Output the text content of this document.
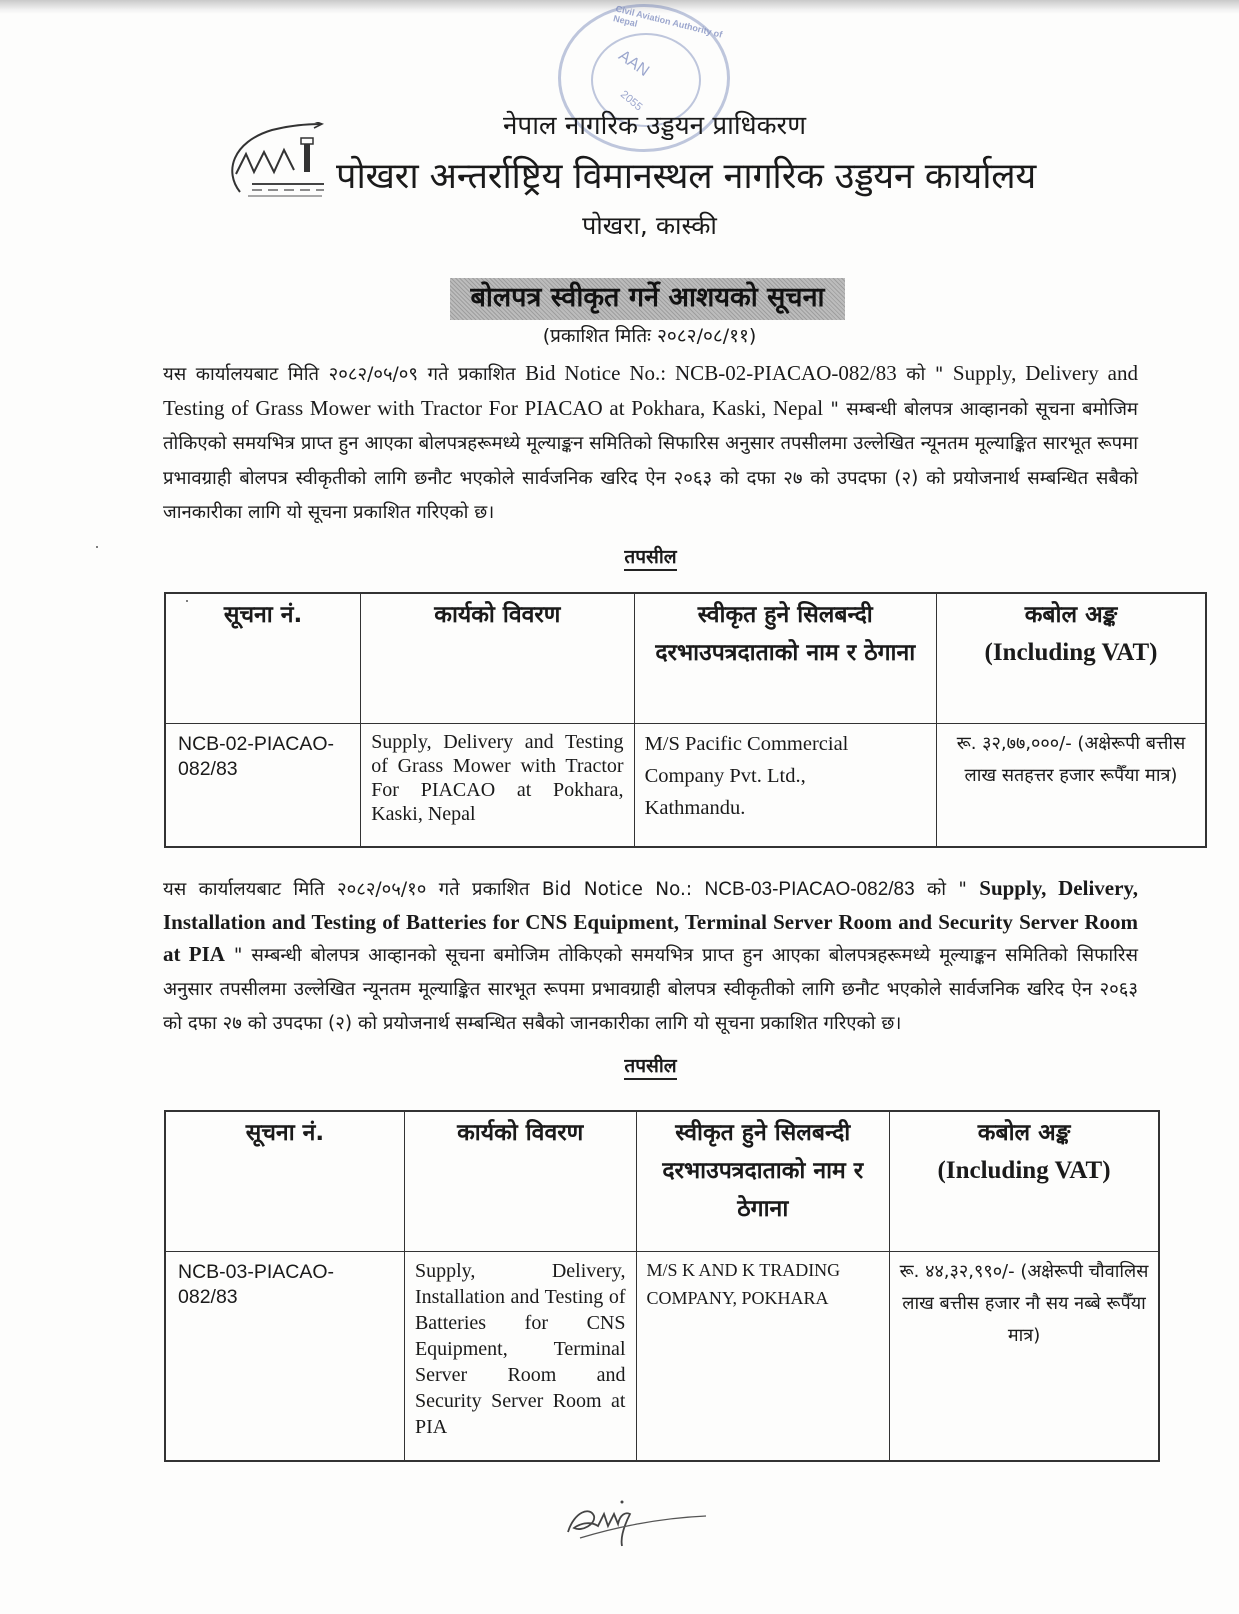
Civil Aviation Authority of Nepal
AAN
2055
नेपाल नागरिक उड्डयन प्राधिकरण
पोखरा अन्तर्राष्ट्रिय विमानस्थल नागरिक उड्डयन कार्यालय
पोखरा, कास्की
बोलपत्र स्वीकृत गर्ने आशयको सूचना
(प्रकाशित मितिः २०८२/०८/११)
यस कार्यालयबाट मिति २०८२/०५/०९ गते प्रकाशित Bid Notice No.: NCB-02-PIACAO-082/83 को " Supply, Delivery and Testing of Grass Mower with Tractor For PIACAO at Pokhara, Kaski, Nepal " सम्बन्धी बोलपत्र आव्हानको सूचना बमोजिम तोकिएको समयभित्र प्राप्त हुन आएका बोलपत्रहरूमध्ये मूल्याङ्कन समितिको सिफारिस अनुसार तपसीलमा उल्लेखित न्यूनतम मूल्याङ्कित सारभूत रूपमा प्रभावग्राही बोलपत्र स्वीकृतीको लागि छनौट भएकोले सार्वजनिक खरिद ऐन २०६३ को दफा २७ को उपदफा (२) को प्रयोजनार्थ सम्बन्धित सबैको जानकारीका लागि यो सूचना प्रकाशित गरिएको छ।
तपसील
सूचना नं.	कार्यको विवरण	स्वीकृत हुने सिलबन्दी दरभाउपत्रदाताको नाम र ठेगाना	कबोल अङ्क
(Including VAT)

NCB-02-PIACAO-082/83	Supply, Delivery and Testing of Grass Mower with Tractor For PIACAO at Pokhara, Kaski, Nepal	M/S Pacific Commercial
Company Pvt. Ltd.,
Kathmandu.	रू. ३२,७७,०००/- (अक्षेरूपी बत्तीस लाख सतहत्तर हजार रूपैँया मात्र)
यस कार्यालयबाट मिति २०८२/०५/१० गते प्रकाशित Bid Notice No.: NCB-03-PIACAO-082/83 को " Supply, Delivery, Installation and Testing of Batteries for CNS Equipment, Terminal Server Room and Security Server Room at PIA " सम्बन्धी बोलपत्र आव्हानको सूचना बमोजिम तोकिएको समयभित्र प्राप्त हुन आएका बोलपत्रहरूमध्ये मूल्याङ्कन समितिको सिफारिस अनुसार तपसीलमा उल्लेखित न्यूनतम मूल्याङ्कित सारभूत रूपमा प्रभावग्राही बोलपत्र स्वीकृतीको लागि छनौट भएकोले सार्वजनिक खरिद ऐन २०६३ को दफा २७ को उपदफा (२) को प्रयोजनार्थ सम्बन्धित सबैको जानकारीका लागि यो सूचना प्रकाशित गरिएको छ।
तपसील
सूचना नं.	कार्यको विवरण	स्वीकृत हुने सिलबन्दी दरभाउपत्रदाताको नाम र ठेगाना	कबोल अङ्क
(Including VAT)

NCB-03-PIACAO-082/83	Supply, Delivery, Installation and Testing of Batteries for CNS Equipment, Terminal Server Room and Security Server Room at PIA	M/S K AND K TRADING
COMPANY, POKHARA	रू. ४४,३२,९९०/- (अक्षेरूपी चौवालिस लाख बत्तीस हजार नौ सय नब्बे रूपैँया मात्र)
